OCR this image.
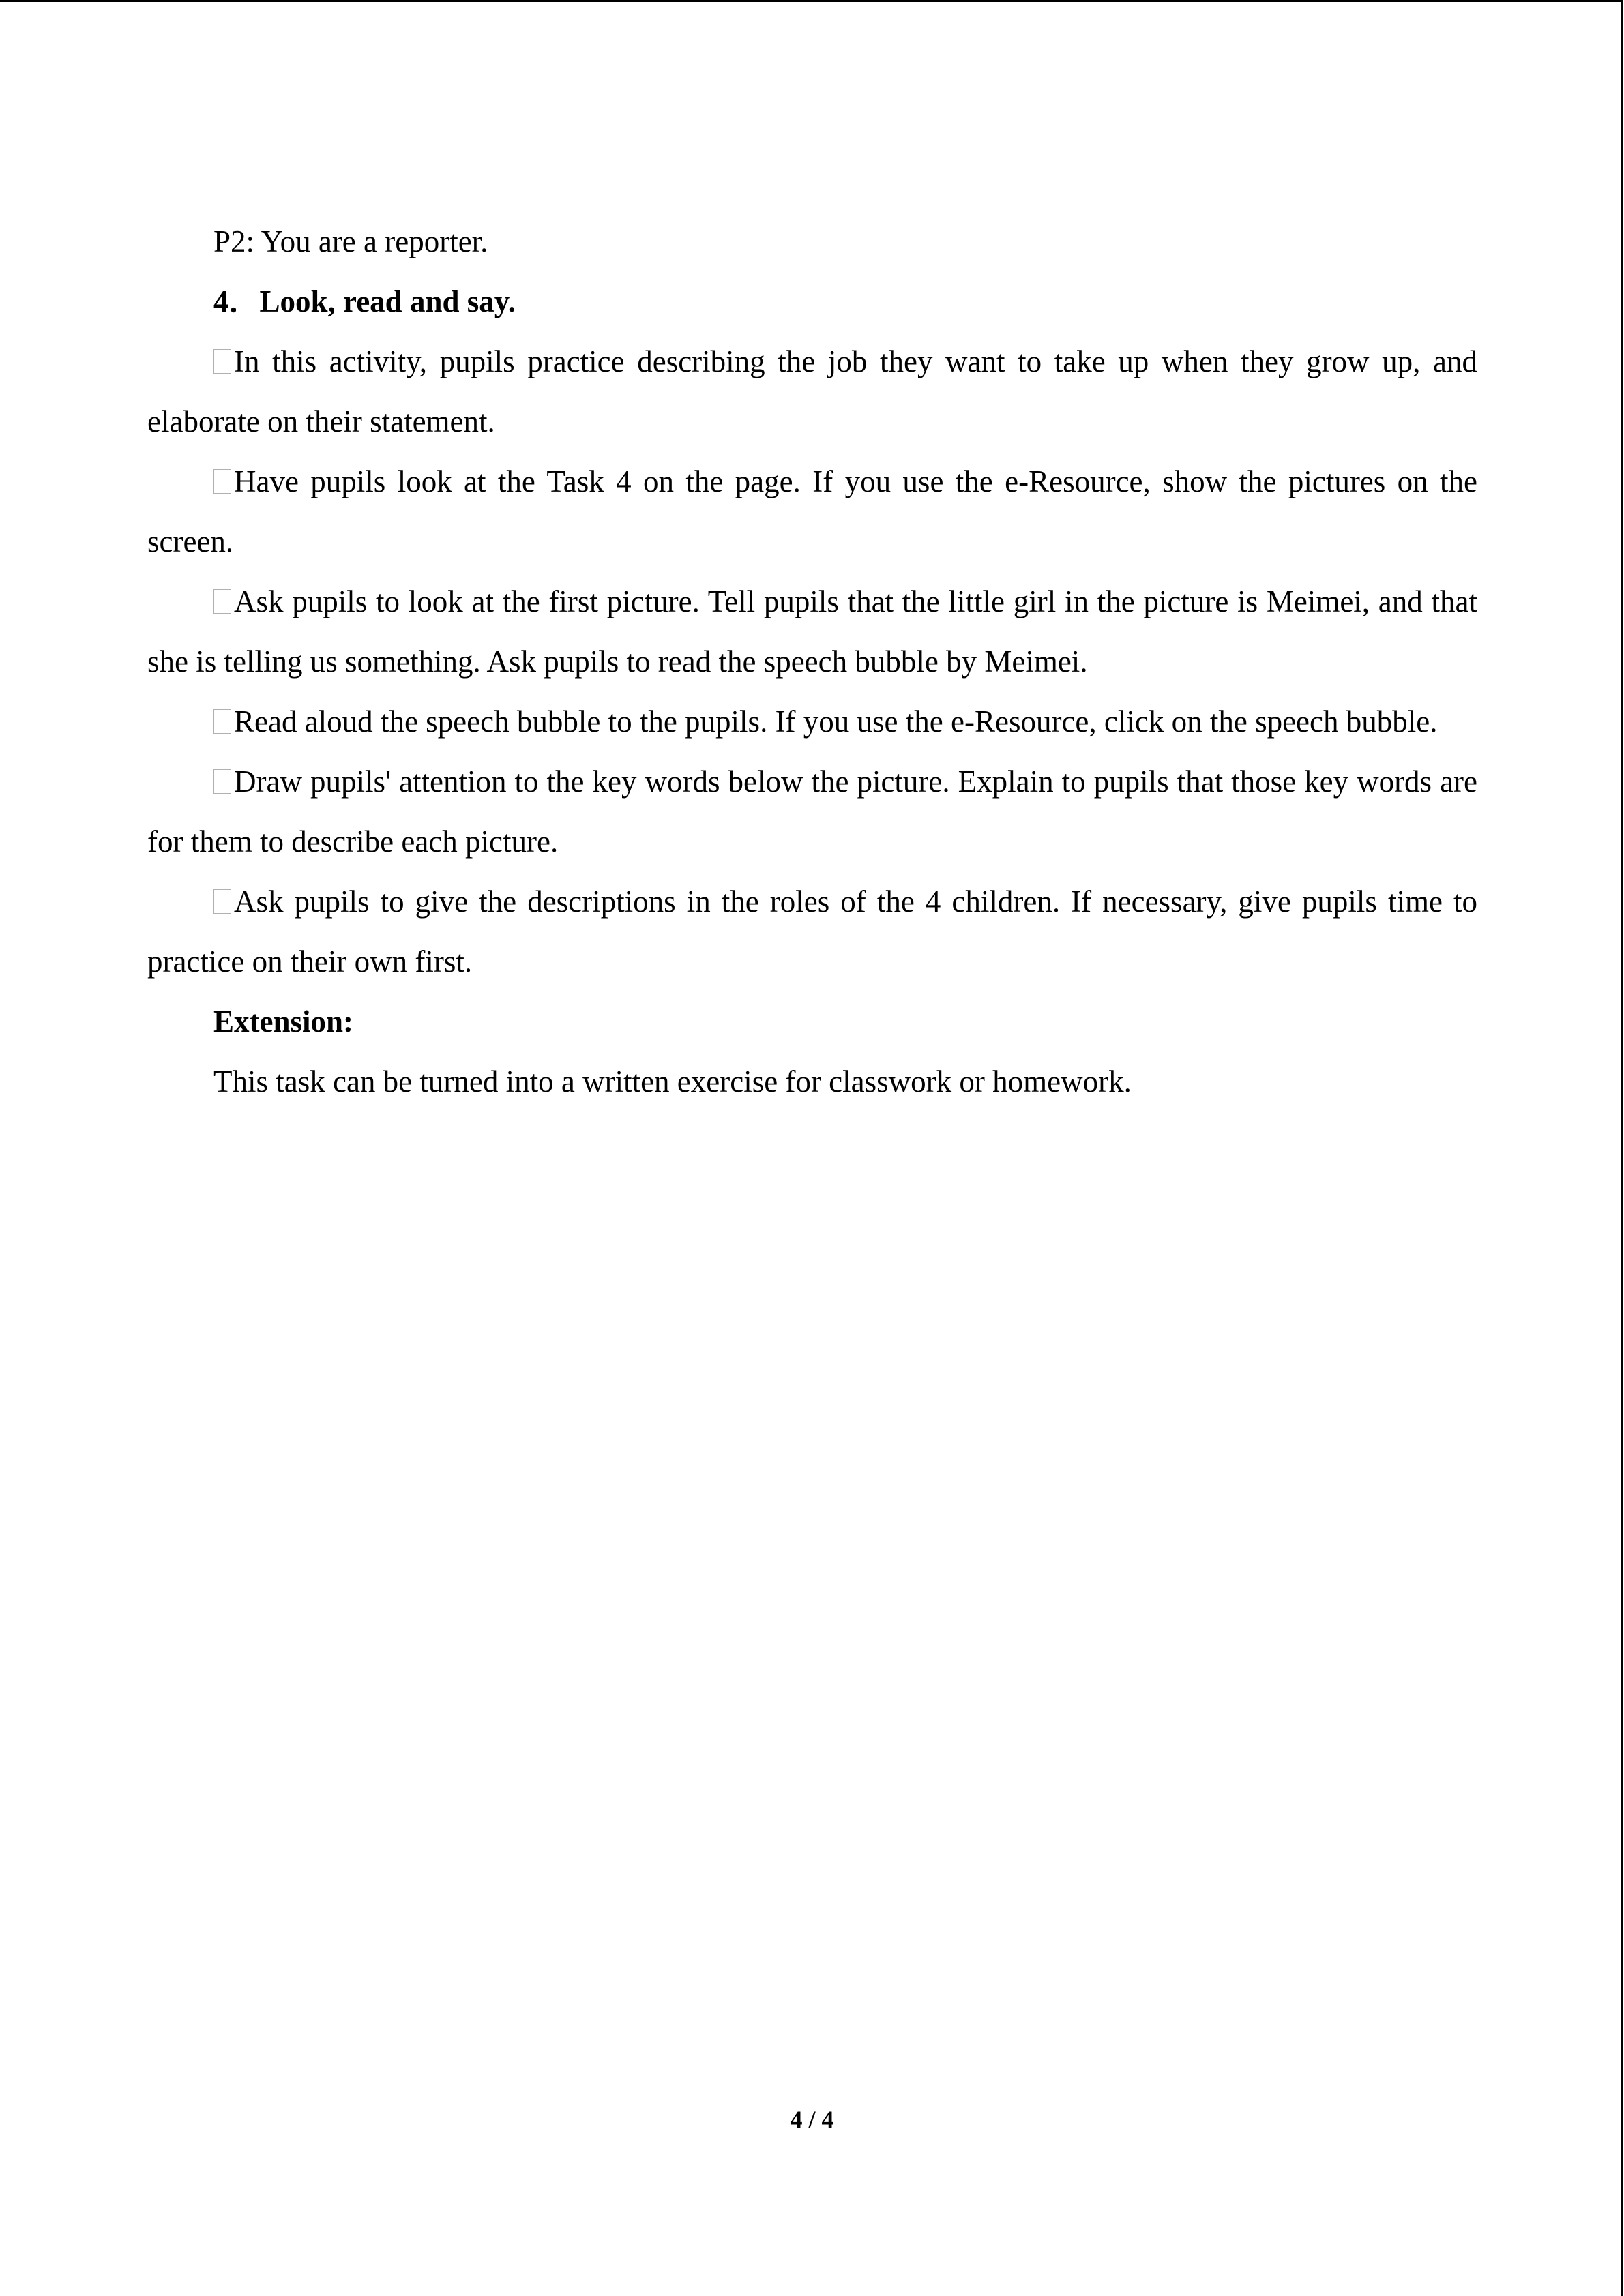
P2: You are a reporter.

4．Look, read and say.

In this activity, pupils practice describing the job they want to take up when they grow up, and elaborate on their statement.

Have pupils look at the Task 4 on the page. If you use the e-Resource, show the pictures on the screen.

Ask pupils to look at the first picture. Tell pupils that the little girl in the picture is Meimei, and that she is telling us something. Ask pupils to read the speech bubble by Meimei.

Read aloud the speech bubble to the pupils. If you use the e-Resource, click on the speech bubble.

Draw pupils' attention to the key words below the picture. Explain to pupils that those key words are for them to describe each picture.

Ask pupils to give the descriptions in the roles of the 4 children. If necessary, give pupils time to practice on their own first.

Extension:

This task can be turned into a written exercise for classwork or homework.

4 / 4
